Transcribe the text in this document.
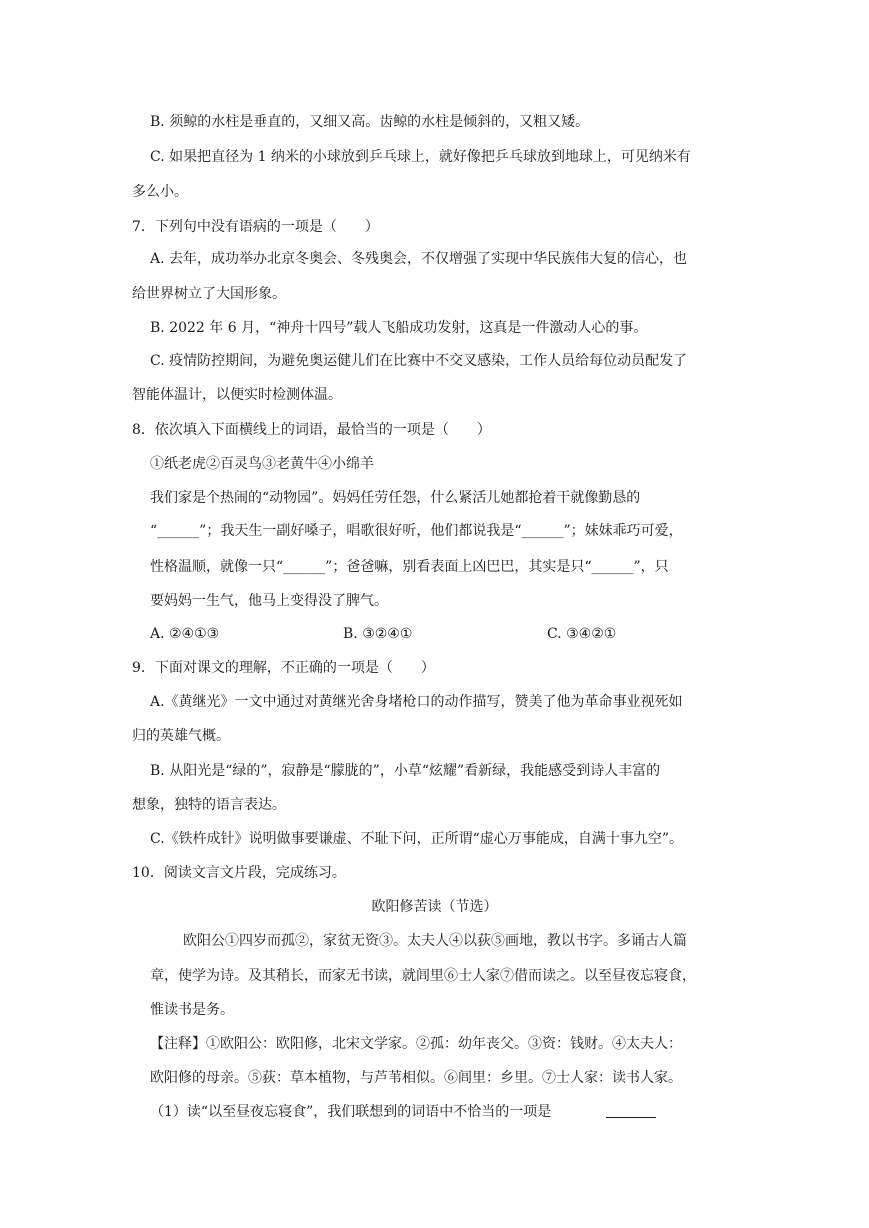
B. 须鲸的水柱是垂直的，又细又高。齿鲸的水柱是倾斜的，又粗又矮。
C. 如果把直径为 1 纳米的小球放到乒乓球上，就好像把乒乓球放到地球上，可见纳米有
多么小。
7．下列句中没有语病的一项是（　　）
A. 去年，成功举办北京冬奥会、冬残奥会，不仅增强了实现中华民族伟大复的信心，也
给世界树立了大国形象。
B. 2022 年 6 月，“神舟十四号”载人飞船成功发射，这真是一件激动人心的事。
C. 疫情防控期间，为避免奥运健儿们在比赛中不交叉感染，工作人员给每位动员配发了
智能体温计，以便实时检测体温。
8．依次填入下面横线上的词语，最恰当的一项是（　　）
①纸老虎②百灵鸟③老黄牛④小绵羊
我们家是个热闹的“动物园”。妈妈任劳任怨，什么紧活儿她都抢着干就像勤恳的
“______”；我天生一副好嗓子，唱歌很好听，他们都说我是“______”；妹妹乖巧可爱，
性格温顺，就像一只“______”；爸爸嘛，别看表面上凶巴巴，其实是只“______”，只
要妈妈一生气，他马上变得没了脾气。
A. ②④①③	B. ③②④①	C. ③④②①
9．下面对课文的理解，不正确的一项是（　　）
A.《黄继光》一文中通过对黄继光舍身堵枪口的动作描写，赞美了他为革命事业视死如
归的英雄气概。
B. 从阳光是“绿的”，寂静是“朦胧的”，小草“炫耀”看新绿，我能感受到诗人丰富的
想象，独特的语言表达。
C.《铁杵成针》说明做事要谦虚、不耻下问，正所谓“虚心万事能成，自满十事九空”。
10．阅读文言文片段，完成练习。
欧阳修苦读（节选）
欧阳公①四岁而孤②，家贫无资③。太夫人④以荻⑤画地，教以书字。多诵古人篇
章，使学为诗。及其稍长，而家无书读，就闾里⑥士人家⑦借而读之。以至昼夜忘寝食，
惟读书是务。
【注释】①欧阳公：欧阳修，北宋文学家。②孤：幼年丧父。③资：钱财。④太夫人：
欧阳修的母亲。⑤荻：草本植物，与芦苇相似。⑥闾里：乡里。⑦士人家：读书人家。
（1）读“以至昼夜忘寝食”，我们联想到的词语中不恰当的一项是
